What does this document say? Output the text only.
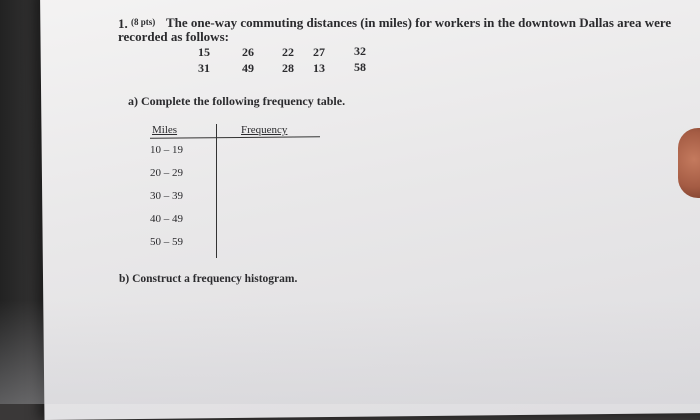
1. (8 pts) The one-way commuting distances (in miles) for workers in the downtown Dallas area were
recorded as follows:
15	26 22 27 32
31	49 28 13 58
a) Complete the following frequency table.
Miles	Frequency
10 – 19
20 – 29
30 – 39
40 – 49
50 – 59
b) Construct a frequency histogram.
